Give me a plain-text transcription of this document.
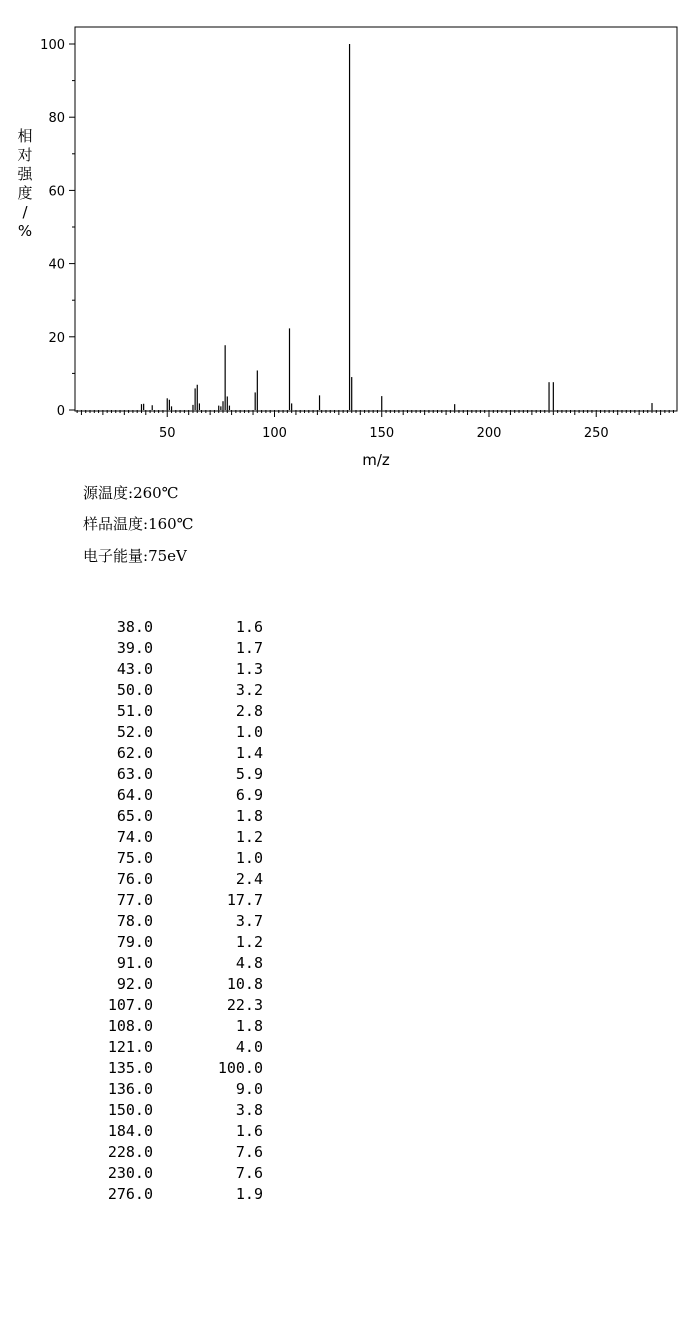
0
20
40
60
80
100
50	100	150	200	250
相对强度/ %
m/z
源温度:260℃
样品温度:160℃
电子能量:75eV
38.0	1.6
39.0	1.7
43.0	1.3
50.0	3.2
51.0	2.8
52.0	1.0
62.0	1.4
63.0	5.9
64.0	6.9
65.0	1.8
74.0	1.2
75.0	1.0
76.0	2.4
77.0	17.7
78.0	3.7
79.0	1.2
91.0	4.8
92.0	10.8
107.0	22.3
108.0	1.8
121.0	4.0
135.0	100.0
136.0	9.0
150.0	3.8
184.0	1.6
228.0	7.6
230.0	7.6
276.0	1.9
